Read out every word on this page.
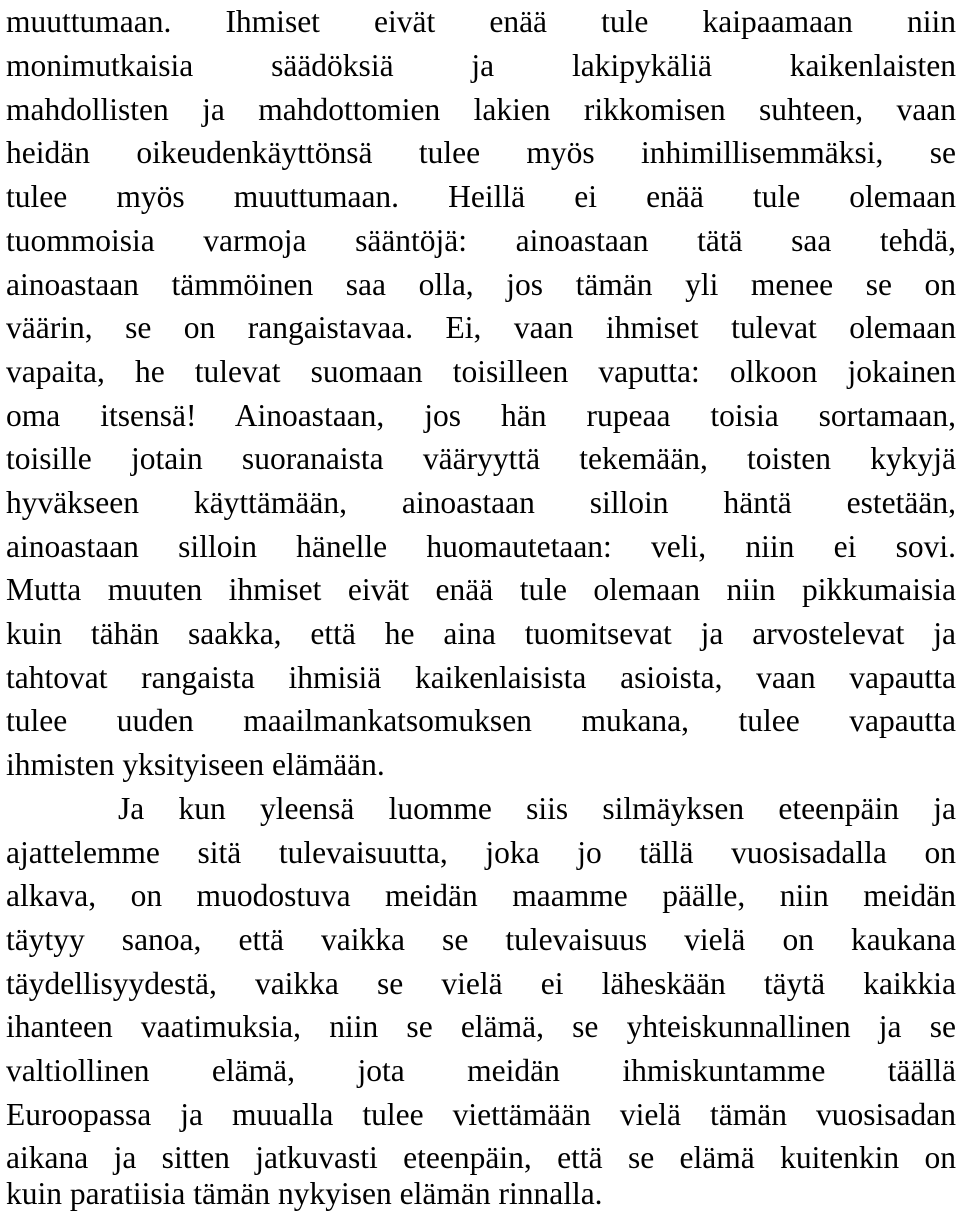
muuttumaan. Ihmiset eivät enää tule kaipaamaan niin
monimutkaisia säädöksiä ja lakipykäliä kaikenlaisten
mahdollisten ja mahdottomien lakien rikkomisen suhteen, vaan
heidän oikeudenkäyttönsä tulee myös inhimillisemmäksi, se
tulee myös muuttumaan. Heillä ei enää tule olemaan
tuommoisia varmoja sääntöjä: ainoastaan tätä saa tehdä,
ainoastaan tämmöinen saa olla, jos tämän yli menee se on
väärin, se on rangaistavaa. Ei, vaan ihmiset tulevat olemaan
vapaita, he tulevat suomaan toisilleen vaputta: olkoon jokainen
oma itsensä! Ainoastaan, jos hän rupeaa toisia sortamaan,
toisille jotain suoranaista vääryyttä tekemään, toisten kykyjä
hyväkseen käyttämään, ainoastaan silloin häntä estetään,
ainoastaan silloin hänelle huomautetaan: veli, niin ei sovi.
Mutta muuten ihmiset eivät enää tule olemaan niin pikkumaisia
kuin tähän saakka, että he aina tuomitsevat ja arvostelevat ja
tahtovat rangaista ihmisiä kaikenlaisista asioista, vaan vapautta
tulee uuden maailmankatsomuksen mukana, tulee vapautta
ihmisten yksityiseen elämään.
Ja kun yleensä luomme siis silmäyksen eteenpäin ja
ajattelemme sitä tulevaisuutta, joka jo tällä vuosisadalla on
alkava, on muodostuva meidän maamme päälle, niin meidän
täytyy sanoa, että vaikka se tulevaisuus vielä on kaukana
täydellisyydestä, vaikka se vielä ei läheskään täytä kaikkia
ihanteen vaatimuksia, niin se elämä, se yhteiskunnallinen ja se
valtiollinen elämä, jota meidän ihmiskuntamme täällä
Euroopassa ja muualla tulee viettämään vielä tämän vuosisadan
aikana ja sitten jatkuvasti eteenpäin, että se elämä kuitenkin on
kuin paratiisia tämän nykyisen elämän rinnalla.
